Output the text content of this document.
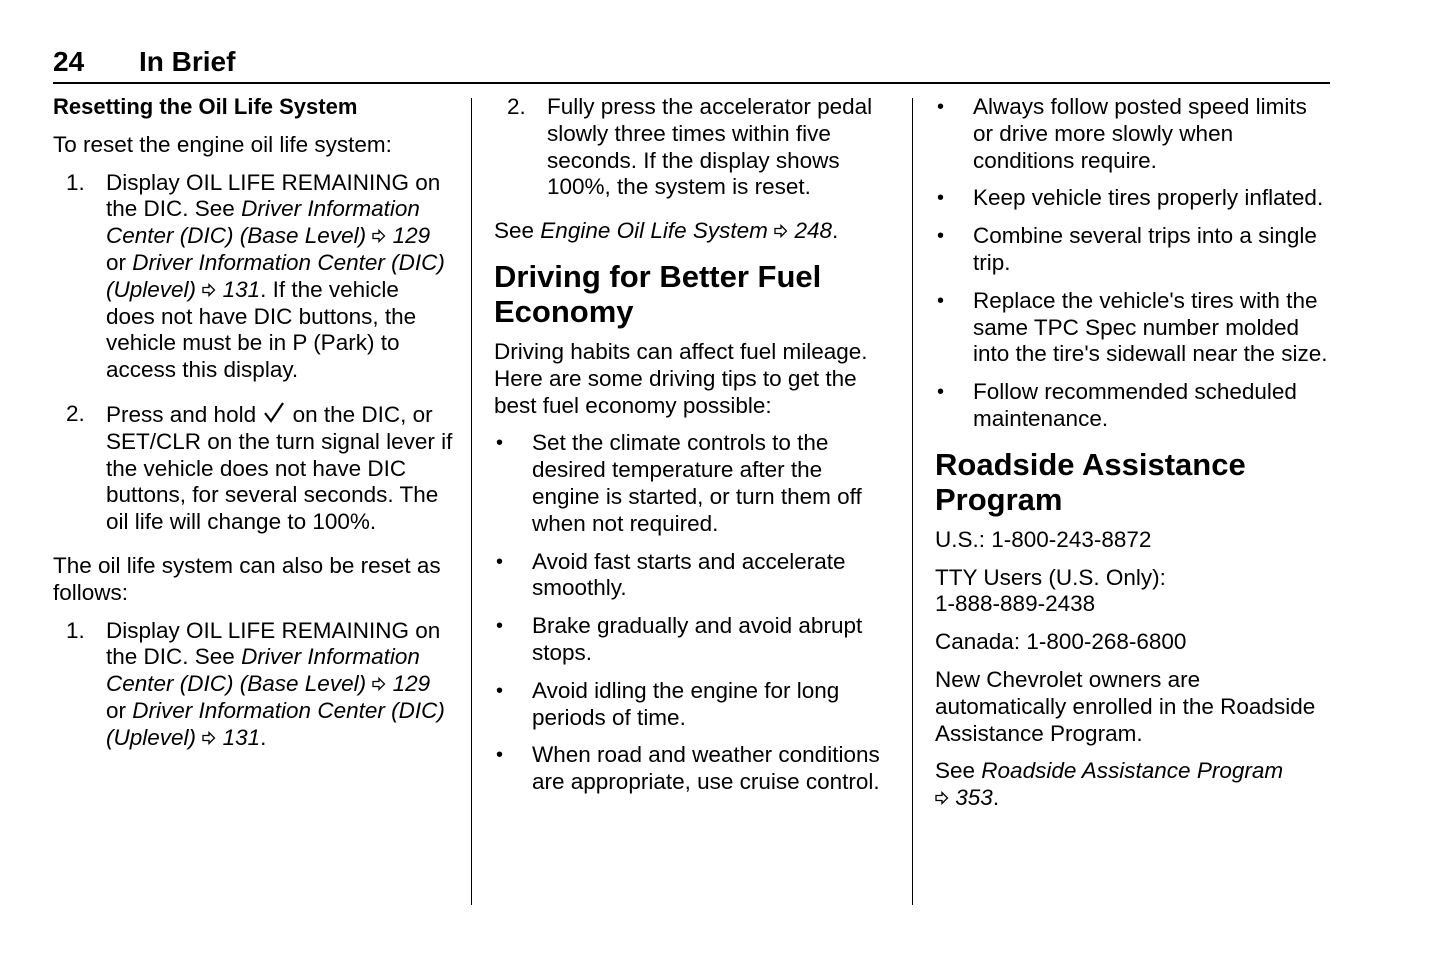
24 In Brief
Resetting the Oil Life System

To reset the engine oil life system:

1. Display OIL LIFE REMAINING on the DIC. See Driver Information Center (DIC) (Base Level) 129 or Driver Information Center (DIC) (Uplevel) 131. If the vehicle does not have DIC buttons, the vehicle must be in P (Park) to access this display.
2. Press and hold  on the DIC, or SET/CLR on the turn signal lever if the vehicle does not have DIC buttons, for several seconds. The oil life will change to 100%.

The oil life system can also be reset as follows:

1. Display OIL LIFE REMAINING on the DIC. See Driver Information Center (DIC) (Base Level) 129 or Driver Information Center (DIC) (Uplevel) 131.
2. Fully press the accelerator pedal slowly three times within five seconds. If the display shows 100%, the system is reset.

See Engine Oil Life System 248.

Driving for Better Fuel Economy

Driving habits can affect fuel mileage. Here are some driving tips to get the best fuel economy possible:

• Set the climate controls to the desired temperature after the engine is started, or turn them off when not required.
• Avoid fast starts and accelerate smoothly.
• Brake gradually and avoid abrupt stops.
• Avoid idling the engine for long periods of time.
• When road and weather conditions are appropriate, use cruise control.
• Always follow posted speed limits or drive more slowly when conditions require.
• Keep vehicle tires properly inflated.
• Combine several trips into a single trip.
• Replace the vehicle's tires with the same TPC Spec number molded into the tire's sidewall near the size.
• Follow recommended scheduled maintenance.
Roadside Assistance Program

U.S.: 1-800-243-8872

TTY Users (U.S. Only):
1-888-889-2438

Canada: 1-800-268-6800

New Chevrolet owners are automatically enrolled in the Roadside Assistance Program.

See Roadside Assistance Program
353.
